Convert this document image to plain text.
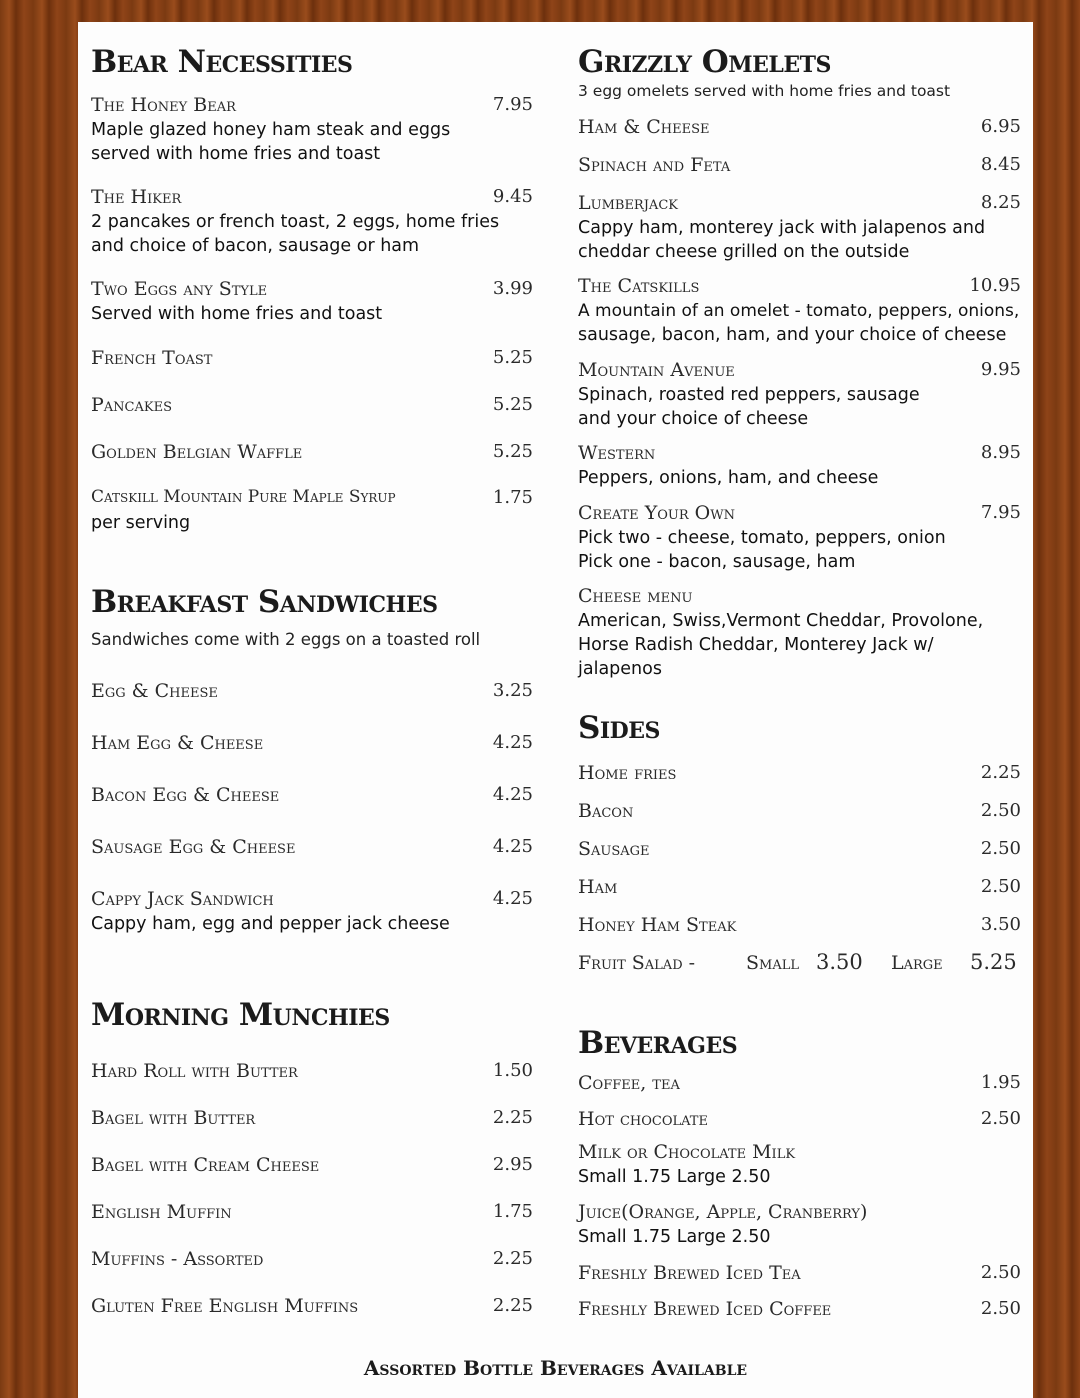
Bear Necessities
The Honey Bear	7.95
Maple glazed honey ham steak and eggs
served with home fries and toast
The Hiker	9.45
2 pancakes or french toast, 2 eggs, home fries
and choice of bacon, sausage or ham
Two Eggs any Style	3.99
Served with home fries and toast
French Toast	5.25
Pancakes	5.25
Golden Belgian Waffle	5.25
Catskill Mountain Pure Maple Syrup	1.75
per serving
Breakfast Sandwiches
Sandwiches come with 2 eggs on a toasted roll
Egg & Cheese	3.25
Ham Egg & Cheese	4.25
Bacon Egg & Cheese	4.25
Sausage Egg & Cheese	4.25
Cappy Jack Sandwich	4.25
Cappy ham, egg and pepper jack cheese
Morning Munchies
Hard Roll with Butter	1.50
Bagel with Butter	2.25
Bagel with Cream Cheese	2.95
English Muffin	1.75
Muffins - Assorted	2.25
Gluten Free English Muffins	2.25
Grizzly Omelets
3 egg omelets served with home fries and toast
Ham & Cheese	6.95
Spinach and Feta	8.45
Lumberjack	8.25
Cappy ham, monterey jack with jalapenos and
cheddar cheese grilled on the outside
The Catskills	10.95
A mountain of an omelet - tomato, peppers, onions,
sausage, bacon, ham, and your choice of cheese
Mountain Avenue	9.95
Spinach, roasted red peppers, sausage
and your choice of cheese
Western	8.95
Peppers, onions, ham, and cheese
Create Your Own	7.95
Pick two - cheese, tomato, peppers, onion
Pick one - bacon, sausage, ham
Cheese menu
American, Swiss,Vermont Cheddar, Provolone,
Horse Radish Cheddar, Monterey Jack w/
jalapenos
Sides
Home fries	2.25
Bacon	2.50
Sausage	2.50
Ham	2.50
Honey Ham Steak	3.50
Fruit Salad -	Small 3.50 Large 5.25
Beverages
Coffee, tea	1.95
Hot chocolate	2.50
Milk or Chocolate Milk
Small 1.75 Large 2.50
Juice(Orange, Apple, Cranberry)
Small 1.75 Large 2.50
Freshly Brewed Iced Tea	2.50
Freshly Brewed Iced Coffee	2.50
Assorted Bottle Beverages Available
